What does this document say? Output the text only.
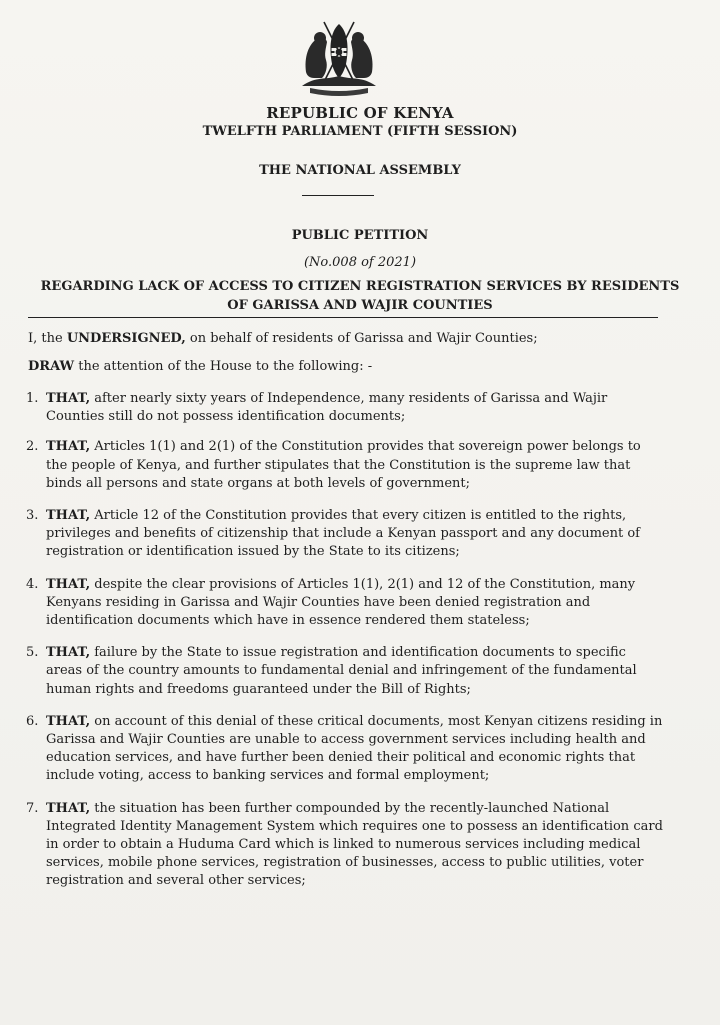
REPUBLIC OF KENYA
TWELFTH PARLIAMENT (FIFTH SESSION)
THE NATIONAL ASSEMBLY
PUBLIC PETITION
(No.008 of 2021)
REGARDING LACK OF ACCESS TO CITIZEN REGISTRATION SERVICES BY RESIDENTS OF GARISSA AND WAJIR COUNTIES
I, the UNDERSIGNED, on behalf of residents of Garissa and Wajir Counties;
DRAW the attention of the House to the following: -
1. THAT, after nearly sixty years of Independence, many residents of Garissa and Wajir Counties still do not possess identification documents;
2. THAT, Articles 1(1) and 2(1) of the Constitution provides that sovereign power belongs to the people of Kenya, and further stipulates that the Constitution is the supreme law that binds all persons and state organs at both levels of government;
3. THAT, Article 12 of the Constitution provides that every citizen is entitled to the rights, privileges and benefits of citizenship that include a Kenyan passport and any document of registration or identification issued by the State to its citizens;
4. THAT, despite the clear provisions of Articles 1(1), 2(1) and 12 of the Constitution, many Kenyans residing in Garissa and Wajir Counties have been denied registration and identification documents which have in essence rendered them stateless;
5. THAT, failure by the State to issue registration and identification documents to specific areas of the country amounts to fundamental denial and infringement of the fundamental human rights and freedoms guaranteed under the Bill of Rights;
6. THAT, on account of this denial of these critical documents, most Kenyan citizens residing in Garissa and Wajir Counties are unable to access government services including health and education services, and have further been denied their political and economic rights that include voting, access to banking services and formal employment;
7. THAT, the situation has been further compounded by the recently-launched National Integrated Identity Management System which requires one to possess an identification card in order to obtain a Huduma Card which is linked to numerous services including medical services, mobile phone services, registration of businesses, access to public utilities, voter registration and several other services;
